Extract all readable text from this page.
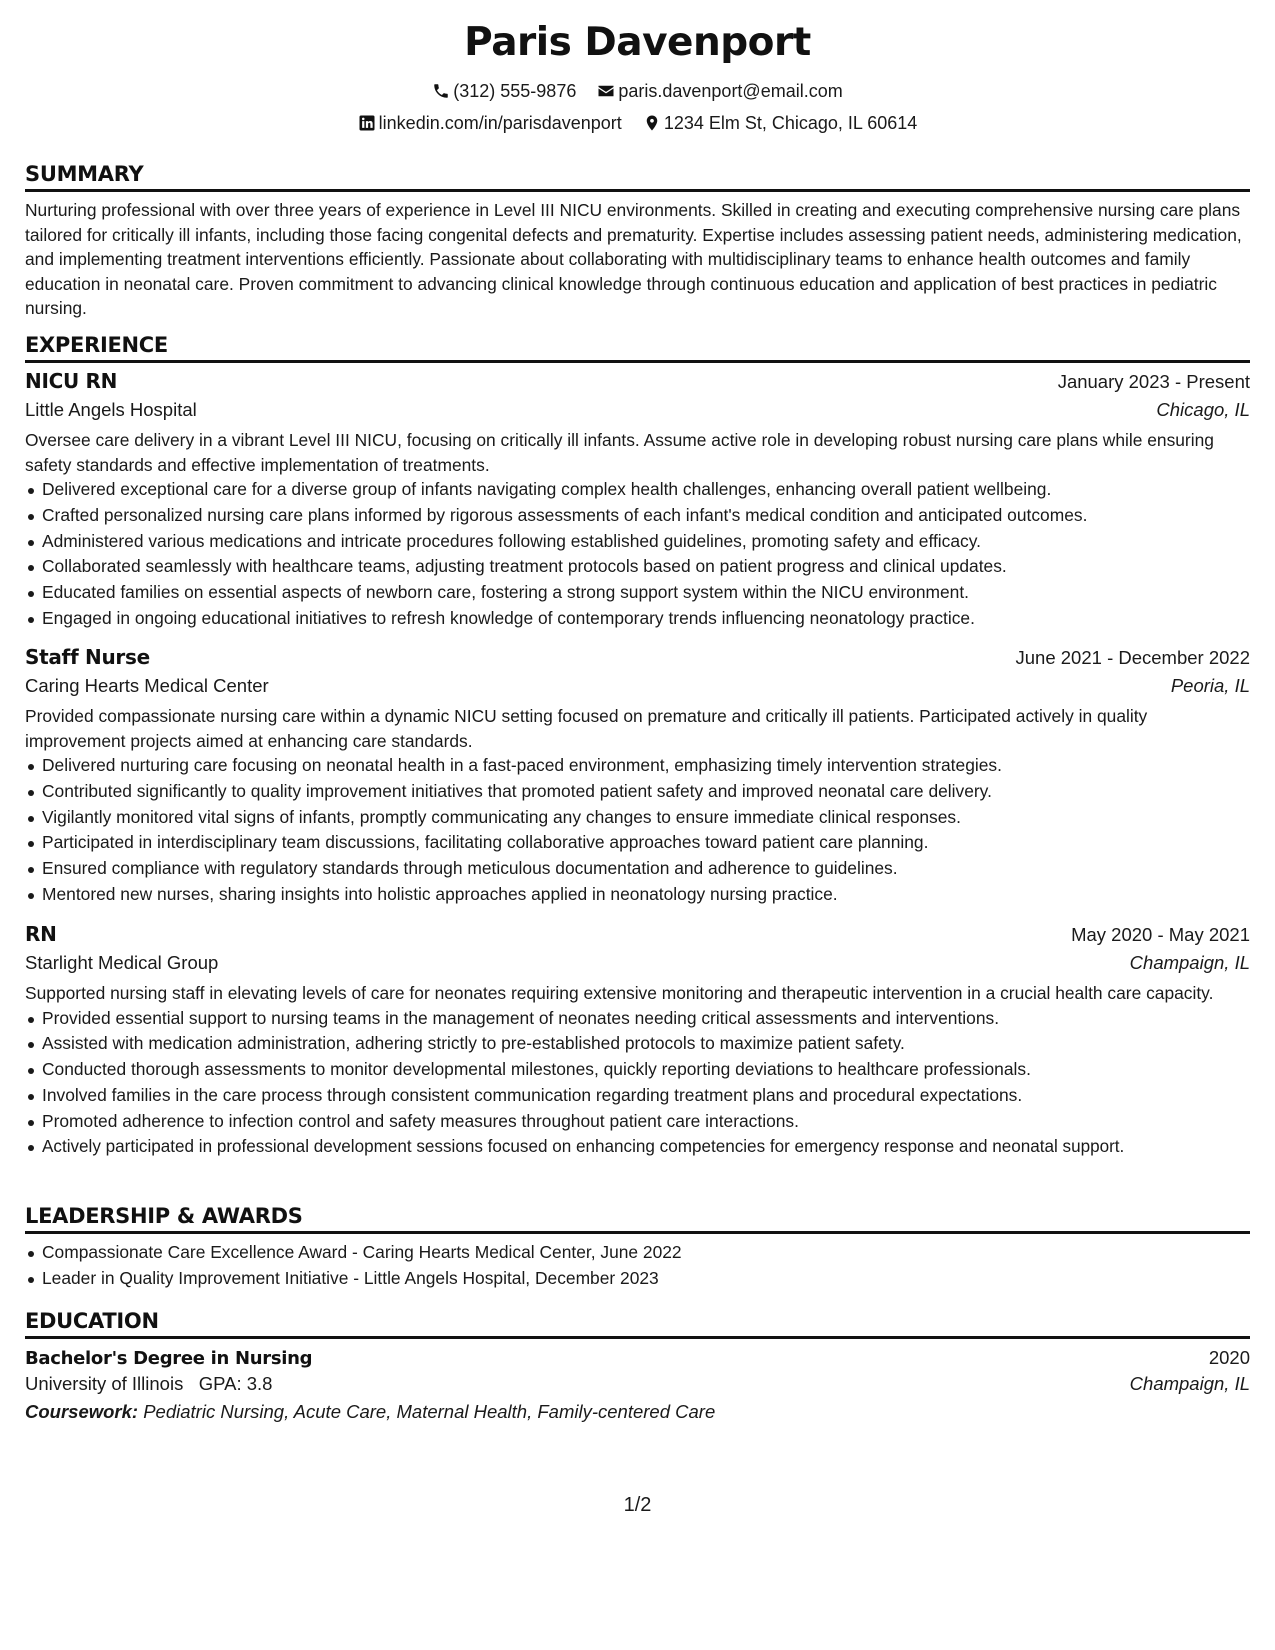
Paris Davenport
(312) 555-9876 paris.davenport@email.com
linkedin.com/in/parisdavenport 1234 Elm St, Chicago, IL 60614
SUMMARY

Nurturing professional with over three years of experience in Level III NICU environments. Skilled in creating and executing comprehensive nursing care plans tailored for critically ill infants, including those facing congenital defects and prematurity. Expertise includes assessing patient needs, administering medication, and implementing treatment interventions efficiently. Passionate about collaborating with multidisciplinary teams to enhance health outcomes and family education in neonatal care. Proven commitment to advancing clinical knowledge through continuous education and application of best practices in pediatric nursing.

EXPERIENCE
NICU RN	January 2023 - Present
Little Angels Hospital	Chicago, IL

Oversee care delivery in a vibrant Level III NICU, focusing on critically ill infants. Assume active role in developing robust nursing care plans while ensuring safety standards and effective implementation of treatments.

Delivered exceptional care for a diverse group of infants navigating complex health challenges, enhancing overall patient wellbeing.
Crafted personalized nursing care plans informed by rigorous assessments of each infant's medical condition and anticipated outcomes.
Administered various medications and intricate procedures following established guidelines, promoting safety and efficacy.
Collaborated seamlessly with healthcare teams, adjusting treatment protocols based on patient progress and clinical updates.
Educated families on essential aspects of newborn care, fostering a strong support system within the NICU environment.
Engaged in ongoing educational initiatives to refresh knowledge of contemporary trends influencing neonatology practice.
Staff Nurse	June 2021 - December 2022
Caring Hearts Medical Center	Peoria, IL

Provided compassionate nursing care within a dynamic NICU setting focused on premature and critically ill patients. Participated actively in quality improvement projects aimed at enhancing care standards.

Delivered nurturing care focusing on neonatal health in a fast-paced environment, emphasizing timely intervention strategies.
Contributed significantly to quality improvement initiatives that promoted patient safety and improved neonatal care delivery.
Vigilantly monitored vital signs of infants, promptly communicating any changes to ensure immediate clinical responses.
Participated in interdisciplinary team discussions, facilitating collaborative approaches toward patient care planning.
Ensured compliance with regulatory standards through meticulous documentation and adherence to guidelines.
Mentored new nurses, sharing insights into holistic approaches applied in neonatology nursing practice.
RN	May 2020 - May 2021
Starlight Medical Group	Champaign, IL

Supported nursing staff in elevating levels of care for neonates requiring extensive monitoring and therapeutic intervention in a crucial health care capacity.

Provided essential support to nursing teams in the management of neonates needing critical assessments and interventions.
Assisted with medication administration, adhering strictly to pre-established protocols to maximize patient safety.
Conducted thorough assessments to monitor developmental milestones, quickly reporting deviations to healthcare professionals.
Involved families in the care process through consistent communication regarding treatment plans and procedural expectations.
Promoted adherence to infection control and safety measures throughout patient care interactions.
Actively participated in professional development sessions focused on enhancing competencies for emergency response and neonatal support.
LEADERSHIP & AWARDS
Compassionate Care Excellence Award - Caring Hearts Medical Center, June 2022
Leader in Quality Improvement Initiative - Little Angels Hospital, December 2023
EDUCATION
Bachelor's Degree in Nursing	2020
University of Illinois GPA: 3.8	Champaign, IL
Coursework: Pediatric Nursing, Acute Care, Maternal Health, Family-centered Care
1/2
